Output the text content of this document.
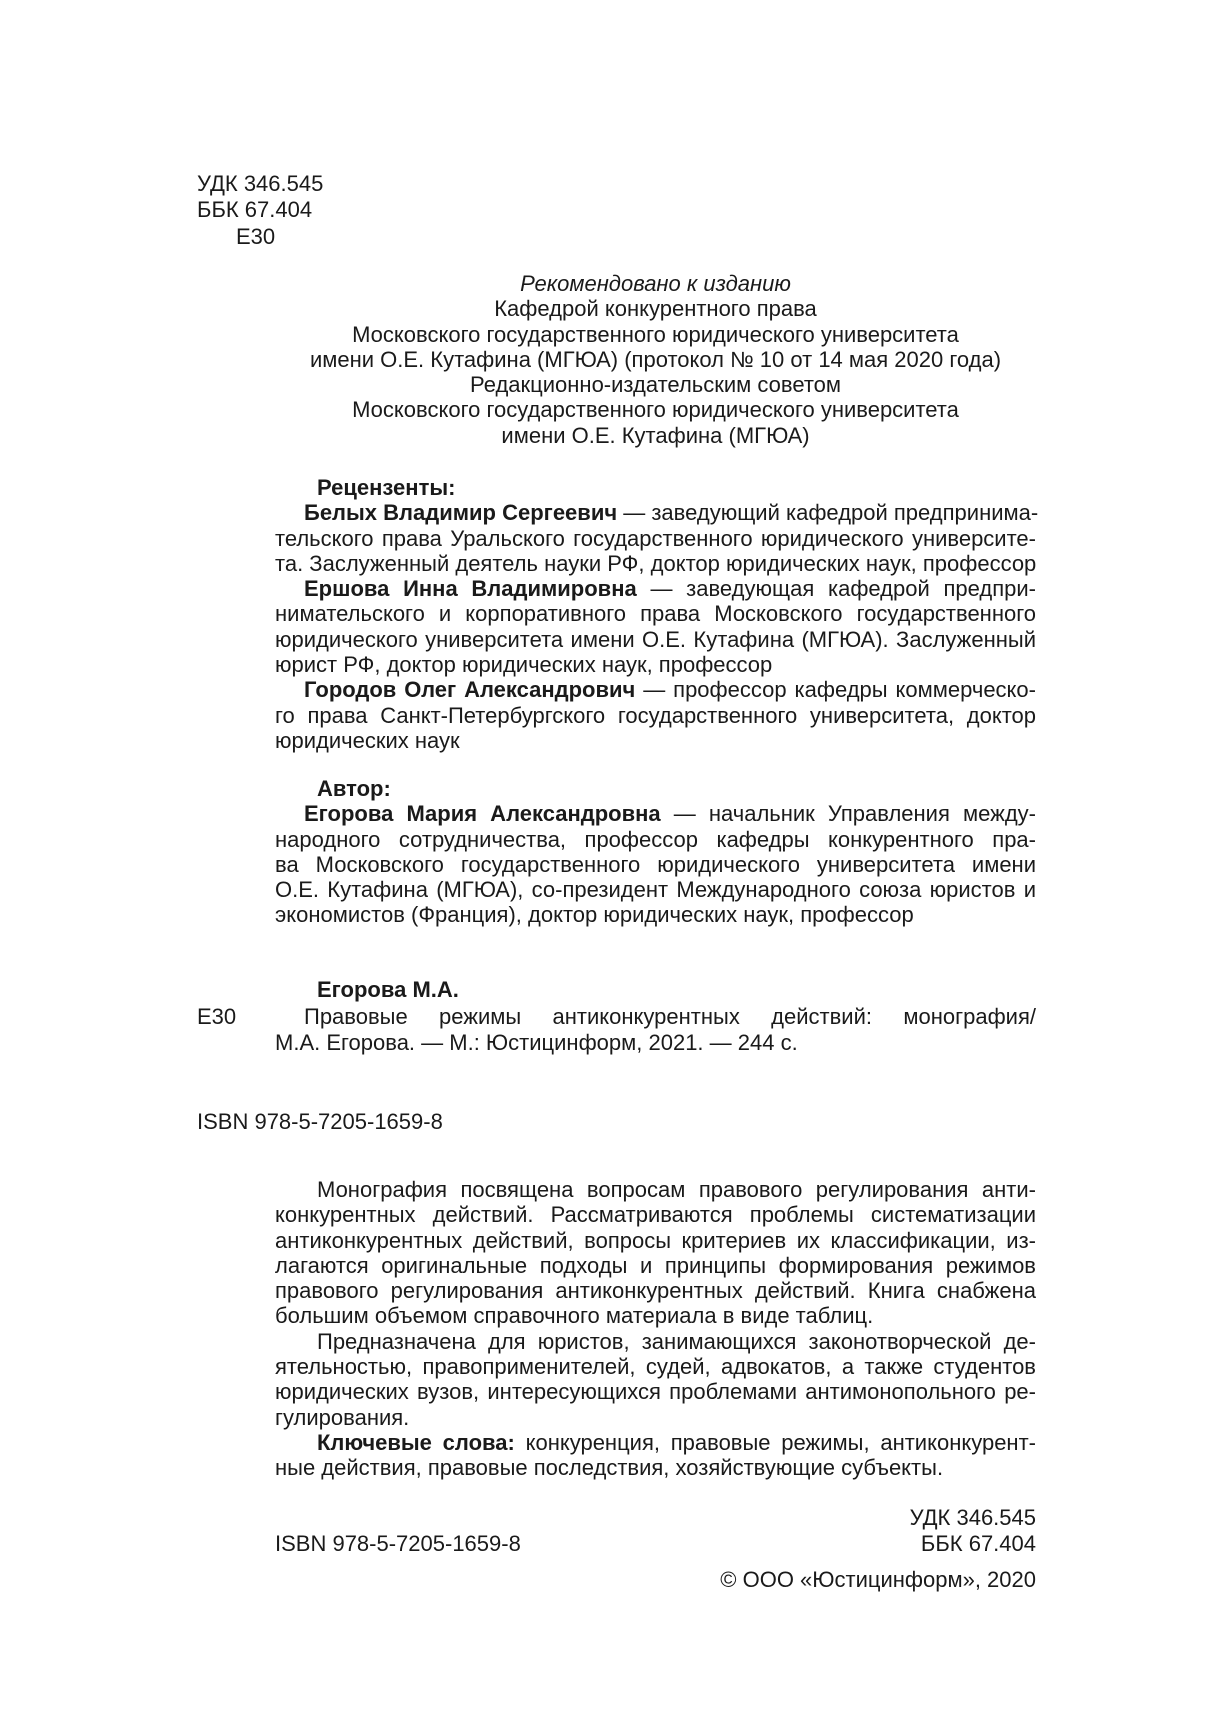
УДК 346.545
ББК 67.404
Е30
Рекомендовано к изданию
Кафедрой конкурентного права
Московского государственного юридического университета
имени О.Е. Кутафина (МГЮА) (протокол № 10 от 14 мая 2020 года)
Редакционно-издательским советом
Московского государственного юридического университета
имени О.Е. Кутафина (МГЮА)
Рецензенты:
Белых Владимир Сергеевич — заведующий кафедрой предпринима-
тельского права Уральского государственного юридического университе-
та. Заслуженный деятель науки РФ, доктор юридических наук, профессор
Ершова Инна Владимировна — заведующая кафедрой предпри-
нимательского и корпоративного права Московского государственного
юридического университета имени О.Е. Кутафина (МГЮА). Заслуженный
юрист РФ, доктор юридических наук, профессор
Городов Олег Александрович — профессор кафедры коммерческо-
го права Санкт-Петербургского государственного университета, доктор
юридических наук
Автор:
Егорова Мария Александровна — начальник Управления между-
народного сотрудничества, профессор кафедры конкурентного пра-
ва Московского государственного юридического университета имени
О.Е. Кутафина (МГЮА), со-президент Международного союза юристов и
экономистов (Франция), доктор юридических наук, профессор
Егорова М.А.
Е30	Правовые режимы антиконкурентных действий: монография/
М.А. Егорова. — М.: Юстицинформ, 2021. — 244 с.
ISBN 978-5-7205-1659-8
Монография посвящена вопросам правового регулирования анти-
конкурентных действий. Рассматриваются проблемы систематизации
антиконкурентных действий, вопросы критериев их классификации, из-
лагаются оригинальные подходы и принципы формирования режимов
правового регулирования антиконкурентных действий. Книга снабжена
большим объемом справочного материала в виде таблиц.
Предназначена для юристов, занимающихся законотворческой де-
ятельностью, правоприменителей, судей, адвокатов, а также студентов
юридических вузов, интересующихся проблемами антимонопольного ре-
гулирования.
Ключевые слова: конкуренция, правовые режимы, антиконкурент-
ные действия, правовые последствия, хозяйствующие субъекты.
УДК 346.545
ISBN 978-5-7205-1659-8	ББК 67.404
© ООО «Юстицинформ», 2020
